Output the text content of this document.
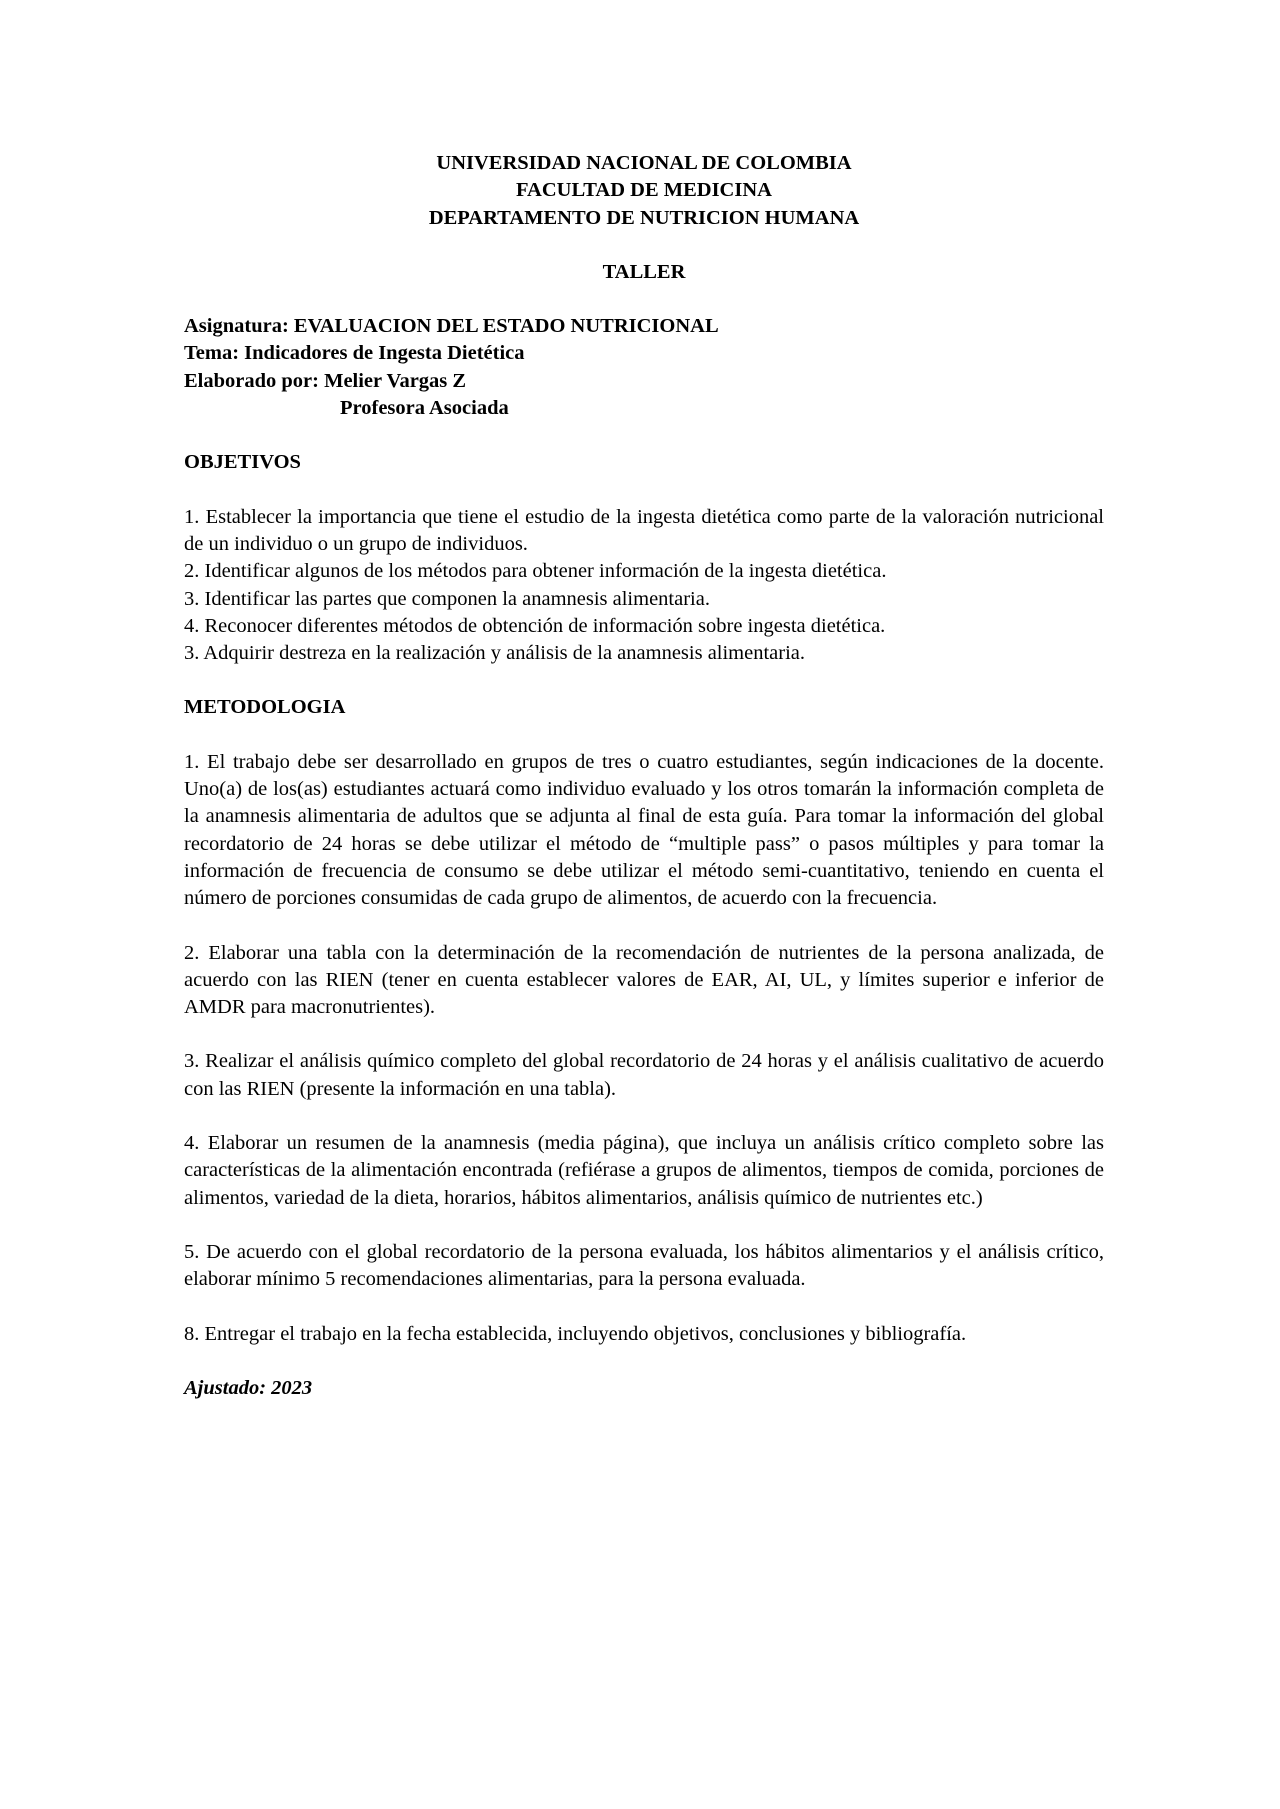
UNIVERSIDAD NACIONAL DE COLOMBIA

FACULTAD DE MEDICINA

DEPARTAMENTO DE NUTRICION HUMANA

TALLER

Asignatura: EVALUACION DEL ESTADO NUTRICIONAL

Tema: Indicadores de Ingesta Dietética

Elaborado por: Melier Vargas Z

Profesora Asociada

OBJETIVOS

1. Establecer la importancia que tiene el estudio de la ingesta dietética como parte de la valoración nutricional de un individuo o un grupo de individuos.

2. Identificar algunos de los métodos para obtener información de la ingesta dietética.

3. Identificar las partes que componen la anamnesis alimentaria.

4. Reconocer diferentes métodos de obtención de información sobre ingesta dietética.

3. Adquirir destreza en la realización y análisis de la anamnesis alimentaria.

METODOLOGIA

1. El trabajo debe ser desarrollado en grupos de tres o cuatro estudiantes, según indicaciones de la docente. Uno(a) de los(as) estudiantes actuará como individuo evaluado y los otros tomarán la información completa de la anamnesis alimentaria de adultos que se adjunta al final de esta guía. Para tomar la información del global recordatorio de 24 horas se debe utilizar el método de “multiple pass” o pasos múltiples y para tomar la información de frecuencia de consumo se debe utilizar el método semi-cuantitativo, teniendo en cuenta el número de porciones consumidas de cada grupo de alimentos, de acuerdo con la frecuencia.

2. Elaborar una tabla con la determinación de la recomendación de nutrientes de la persona analizada, de acuerdo con las RIEN (tener en cuenta establecer valores de EAR, AI, UL, y límites superior e inferior de AMDR para macronutrientes).

3. Realizar el análisis químico completo del global recordatorio de 24 horas y el análisis cualitativo de acuerdo con las RIEN (presente la información en una tabla).

4. Elaborar un resumen de la anamnesis (media página), que incluya un análisis crítico completo sobre las características de la alimentación encontrada (refiérase a grupos de alimentos, tiempos de comida, porciones de alimentos, variedad de la dieta, horarios, hábitos alimentarios, análisis químico de nutrientes etc.)

5. De acuerdo con el global recordatorio de la persona evaluada, los hábitos alimentarios y el análisis crítico, elaborar mínimo 5 recomendaciones alimentarias, para la persona evaluada.

8. Entregar el trabajo en la fecha establecida, incluyendo objetivos, conclusiones y bibliografía.

Ajustado: 2023
